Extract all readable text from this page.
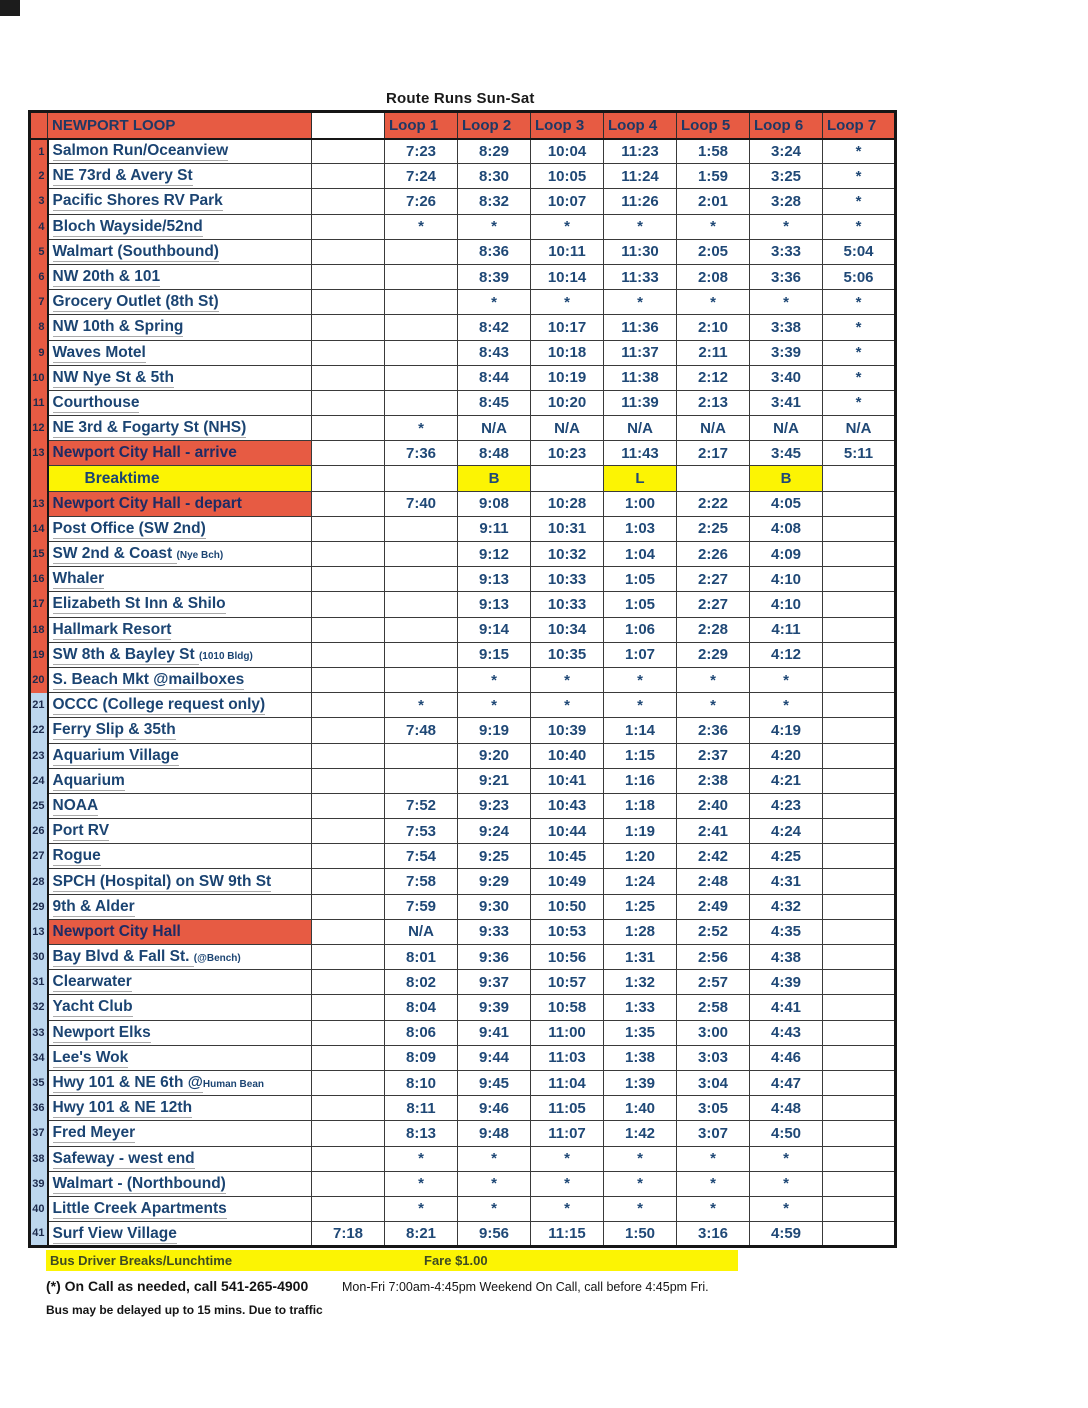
Route Runs Sun-Sat
	NEWPORT LOOP		Loop 1	Loop 2	Loop 3	Loop 4	Loop 5	Loop 6	Loop 7
1	Salmon Run/Oceanview		7:23	8:29	10:04	11:23	1:58	3:24	*
2	NE 73rd & Avery St		7:24	8:30	10:05	11:24	1:59	3:25	*
3	Pacific Shores RV Park		7:26	8:32	10:07	11:26	2:01	3:28	*
4	Bloch Wayside/52nd		*	*	*	*	*	*	*
5	Walmart (Southbound)			8:36	10:11	11:30	2:05	3:33	5:04
6	NW 20th & 101			8:39	10:14	11:33	2:08	3:36	5:06
7	Grocery Outlet (8th St)			*	*	*	*	*	*
8	NW 10th & Spring			8:42	10:17	11:36	2:10	3:38	*
9	Waves Motel			8:43	10:18	11:37	2:11	3:39	*
10	NW Nye St & 5th			8:44	10:19	11:38	2:12	3:40	*
11	Courthouse			8:45	10:20	11:39	2:13	3:41	*
12	NE 3rd & Fogarty St (NHS)		*	N/A	N/A	N/A	N/A	N/A	N/A
13	Newport City Hall - arrive		7:36	8:48	10:23	11:43	2:17	3:45	5:11
	Breaktime			B		L		B	
13	Newport City Hall - depart		7:40	9:08	10:28	1:00	2:22	4:05	
14	Post Office (SW 2nd)			9:11	10:31	1:03	2:25	4:08	
15	SW 2nd & Coast (Nye Bch)			9:12	10:32	1:04	2:26	4:09	
16	Whaler			9:13	10:33	1:05	2:27	4:10	
17	Elizabeth St Inn & Shilo			9:13	10:33	1:05	2:27	4:10	
18	Hallmark Resort			9:14	10:34	1:06	2:28	4:11	
19	SW 8th & Bayley St (1010 Bldg)			9:15	10:35	1:07	2:29	4:12	
20	S. Beach Mkt @mailboxes			*	*	*	*	*	
21	OCCC (College request only)		*	*	*	*	*	*	
22	Ferry Slip & 35th		7:48	9:19	10:39	1:14	2:36	4:19	
23	Aquarium Village			9:20	10:40	1:15	2:37	4:20	
24	Aquarium			9:21	10:41	1:16	2:38	4:21	
25	NOAA		7:52	9:23	10:43	1:18	2:40	4:23	
26	Port RV		7:53	9:24	10:44	1:19	2:41	4:24	
27	Rogue		7:54	9:25	10:45	1:20	2:42	4:25	
28	SPCH (Hospital) on SW 9th St		7:58	9:29	10:49	1:24	2:48	4:31	
29	9th & Alder		7:59	9:30	10:50	1:25	2:49	4:32	
13	Newport City Hall		N/A	9:33	10:53	1:28	2:52	4:35	
30	Bay Blvd & Fall St. (@Bench)		8:01	9:36	10:56	1:31	2:56	4:38	
31	Clearwater		8:02	9:37	10:57	1:32	2:57	4:39	
32	Yacht Club		8:04	9:39	10:58	1:33	2:58	4:41	
33	Newport Elks		8:06	9:41	11:00	1:35	3:00	4:43	
34	Lee's Wok		8:09	9:44	11:03	1:38	3:03	4:46	
35	Hwy 101 & NE 6th @Human Bean		8:10	9:45	11:04	1:39	3:04	4:47	
36	Hwy 101 & NE 12th		8:11	9:46	11:05	1:40	3:05	4:48	
37	Fred Meyer		8:13	9:48	11:07	1:42	3:07	4:50	
38	Safeway - west end		*	*	*	*	*	*	
39	Walmart - (Northbound)		*	*	*	*	*	*	
40	Little Creek Apartments		*	*	*	*	*	*	
41	Surf View Village	7:18	8:21	9:56	11:15	1:50	3:16	4:59	
Bus Driver Breaks/Lunchtime	Fare $1.00
(*) On Call as needed, call 541-265-4900	Mon-Fri 7:00am-4:45pm Weekend On Call, call before 4:45pm Fri.
Bus may be delayed up to 15 mins. Due to traffic
